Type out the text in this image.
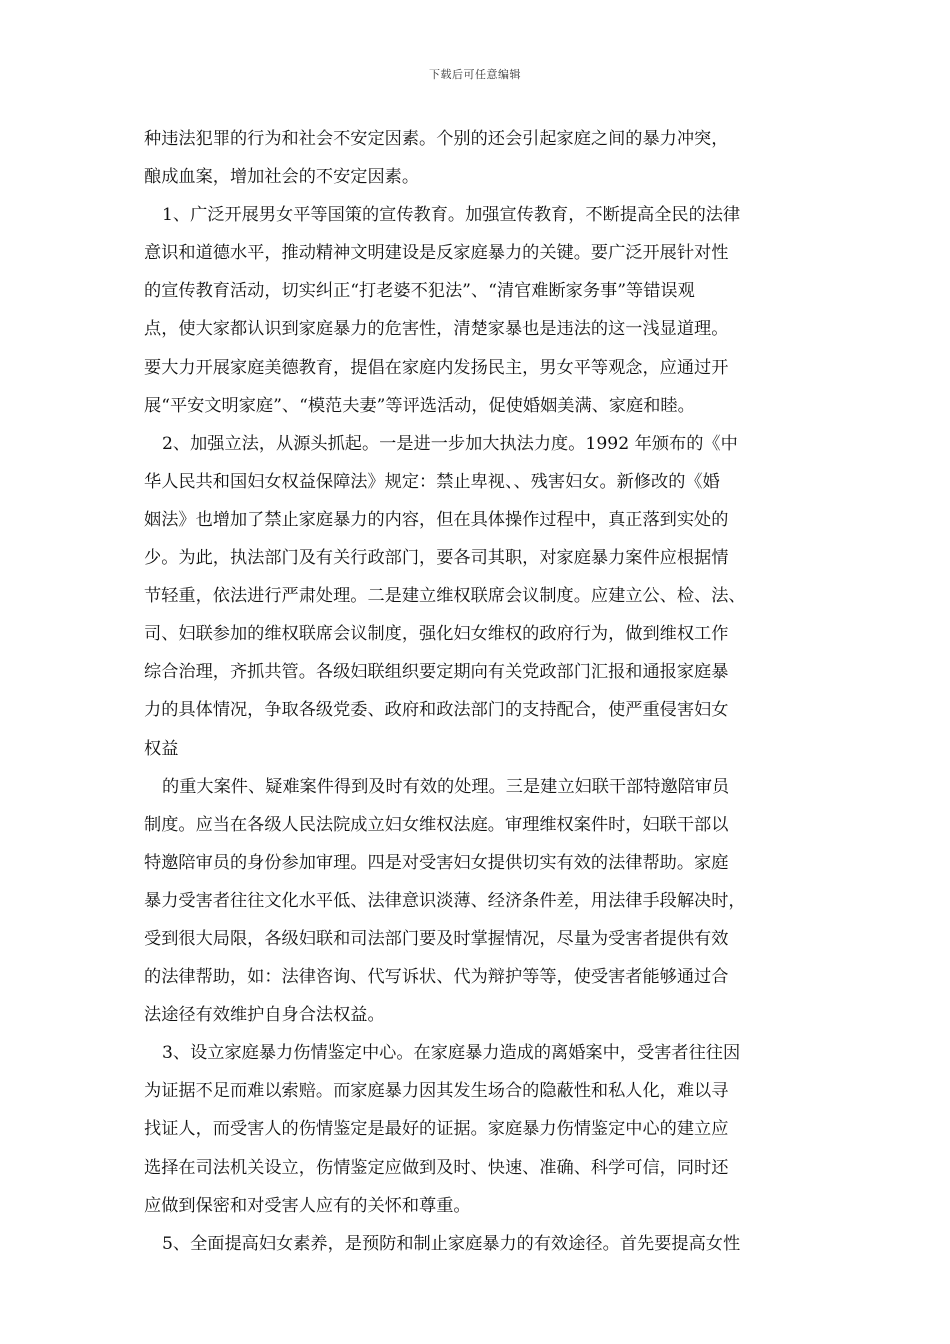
下载后可任意编辑
种违法犯罪的行为和社会不安定因素。个别的还会引起家庭之间的暴力冲突，
酿成血案，增加社会的不安定因素。
1、广泛开展男女平等国策的宣传教育。加强宣传教育，不断提高全民的法律
意识和道德水平，推动精神文明建设是反家庭暴力的关键。要广泛开展针对性
的宣传教育活动，切实纠正“打老婆不犯法”、“清官难断家务事”等错误观
点，使大家都认识到家庭暴力的危害性，清楚家暴也是违法的这一浅显道理。
要大力开展家庭美德教育，提倡在家庭内发扬民主，男女平等观念，应通过开
展“平安文明家庭”、“模范夫妻”等评选活动，促使婚姻美满、家庭和睦。
2、加强立法，从源头抓起。一是进一步加大执法力度。1992 年颁布的《中
华人民共和国妇女权益保障法》规定：禁止卑视、、残害妇女。新修改的《婚
姻法》也增加了禁止家庭暴力的内容，但在具体操作过程中，真正落到实处的
少。为此，执法部门及有关行政部门，要各司其职，对家庭暴力案件应根据情
节轻重，依法进行严肃处理。二是建立维权联席会议制度。应建立公、检、法、
司、妇联参加的维权联席会议制度，强化妇女维权的政府行为，做到维权工作
综合治理，齐抓共管。各级妇联组织要定期向有关党政部门汇报和通报家庭暴
力的具体情况，争取各级党委、政府和政法部门的支持配合，使严重侵害妇女
权益
的重大案件、疑难案件得到及时有效的处理。三是建立妇联干部特邀陪审员
制度。应当在各级人民法院成立妇女维权法庭。审理维权案件时，妇联干部以
特邀陪审员的身份参加审理。四是对受害妇女提供切实有效的法律帮助。家庭
暴力受害者往往文化水平低、法律意识淡薄、经济条件差，用法律手段解决时，
受到很大局限，各级妇联和司法部门要及时掌握情况，尽量为受害者提供有效
的法律帮助，如：法律咨询、代写诉状、代为辩护等等，使受害者能够通过合
法途径有效维护自身合法权益。
3、设立家庭暴力伤情鉴定中心。在家庭暴力造成的离婚案中，受害者往往因
为证据不足而难以索赔。而家庭暴力因其发生场合的隐蔽性和私人化，难以寻
找证人，而受害人的伤情鉴定是最好的证据。家庭暴力伤情鉴定中心的建立应
选择在司法机关设立，伤情鉴定应做到及时、快速、准确、科学可信，同时还
应做到保密和对受害人应有的关怀和尊重。
5、全面提高妇女素养，是预防和制止家庭暴力的有效途径。首先要提高女性
